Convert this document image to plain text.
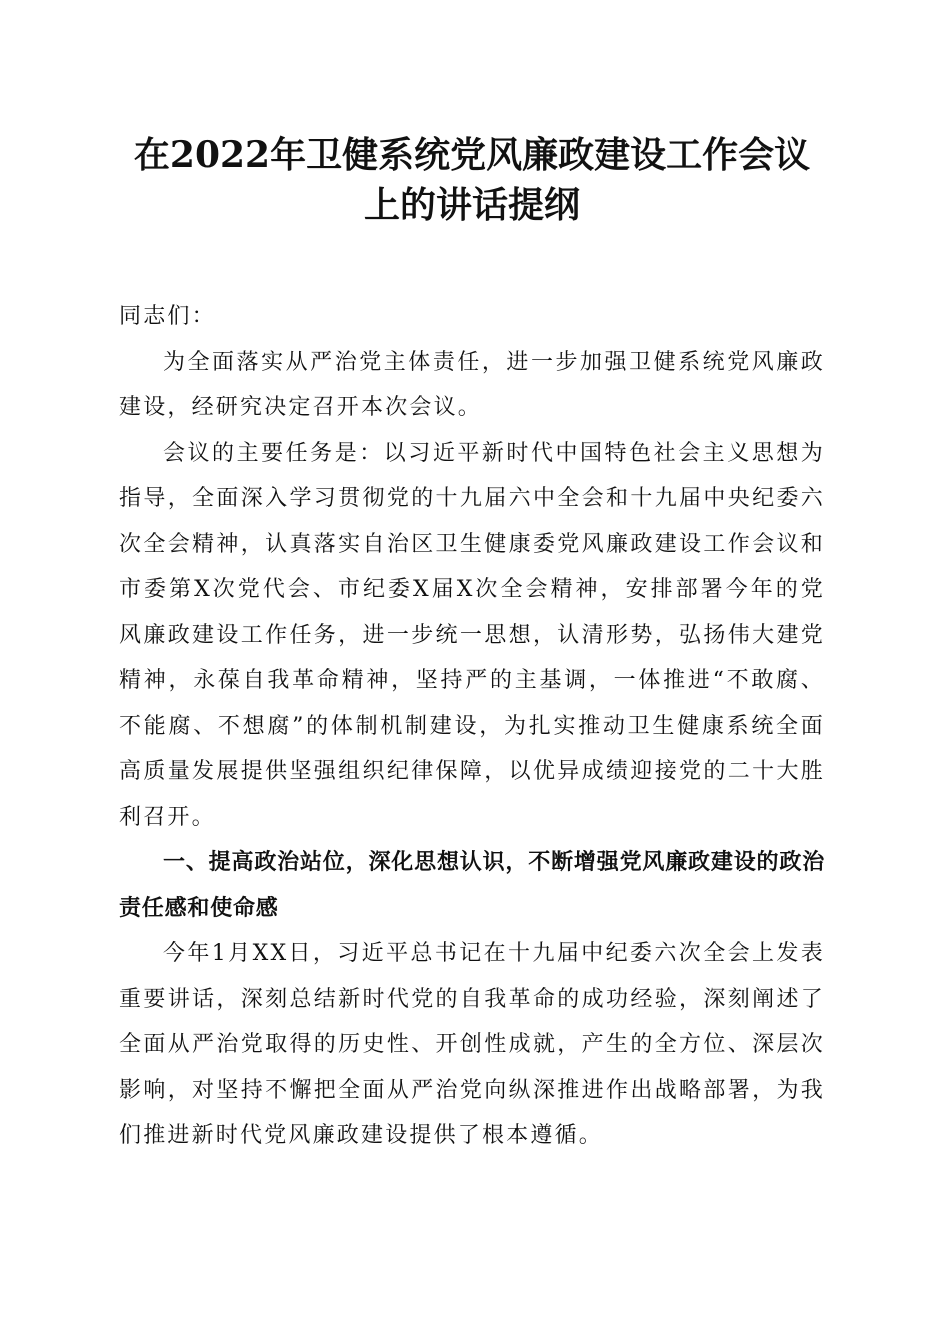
在2022年卫健系统党风廉政建设工作会议上的讲话提纲

同志们：

为全面落实从严治党主体责任，进一步加强卫健系统党风廉政建设，经研究决定召开本次会议。

会议的主要任务是：以习近平新时代中国特色社会主义思想为指导，全面深入学习贯彻党的十九届六中全会和十九届中央纪委六次全会精神，认真落实自治区卫生健康委党风廉政建设工作会议和市委第X次党代会、市纪委X届X次全会精神，安排部署今年的党风廉政建设工作任务，进一步统一思想，认清形势，弘扬伟大建党精神，永葆自我革命精神，坚持严的主基调，一体推进“不敢腐、不能腐、不想腐”的体制机制建设，为扎实推动卫生健康系统全面高质量发展提供坚强组织纪律保障，以优异成绩迎接党的二十大胜利召开。

一、提高政治站位，深化思想认识，不断增强党风廉政建设的政治责任感和使命感

今年1月XX日，习近平总书记在十九届中纪委六次全会上发表重要讲话，深刻总结新时代党的自我革命的成功经验，深刻阐述了全面从严治党取得的历史性、开创性成就，产生的全方位、深层次影响，对坚持不懈把全面从严治党向纵深推进作出战略部署，为我们推进新时代党风廉政建设提供了根本遵循。
